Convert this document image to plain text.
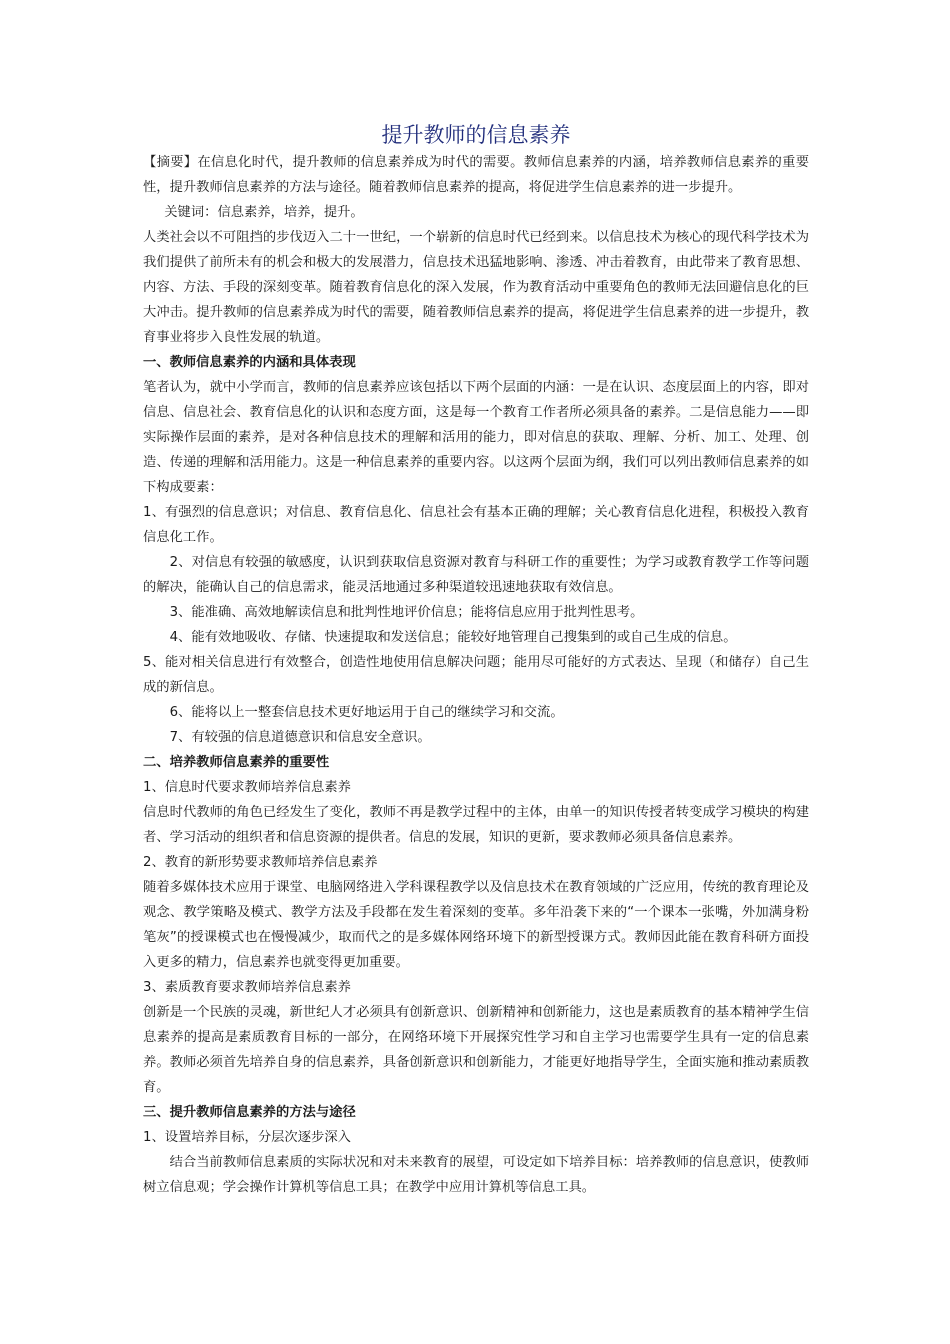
提升教师的信息素养

【摘要】在信息化时代，提升教师的信息素养成为时代的需要。教师信息素养的内涵，培养教师信息素养的重要性，提升教师信息素养的方法与途径。随着教师信息素养的提高，将促进学生信息素养的进一步提升。

关键词：信息素养，培养，提升。

人类社会以不可阻挡的步伐迈入二十一世纪，一个崭新的信息时代已经到来。以信息技术为核心的现代科学技术为我们提供了前所未有的机会和极大的发展潜力，信息技术迅猛地影响、渗透、冲击着教育，由此带来了教育思想、内容、方法、手段的深刻变革。随着教育信息化的深入发展，作为教育活动中重要角色的教师无法回避信息化的巨大冲击。提升教师的信息素养成为时代的需要，随着教师信息素养的提高，将促进学生信息素养的进一步提升，教育事业将步入良性发展的轨道。

一、教师信息素养的内涵和具体表现

笔者认为，就中小学而言，教师的信息素养应该包括以下两个层面的内涵：一是在认识、态度层面上的内容，即对信息、信息社会、教育信息化的认识和态度方面，这是每一个教育工作者所必须具备的素养。二是信息能力——即实际操作层面的素养，是对各种信息技术的理解和活用的能力，即对信息的获取、理解、分析、加工、处理、创造、传递的理解和活用能力。这是一种信息素养的重要内容。以这两个层面为纲，我们可以列出教师信息素养的如下构成要素：

1、有强烈的信息意识；对信息、教育信息化、信息社会有基本正确的理解；关心教育信息化进程，积极投入教育信息化工作。

2、对信息有较强的敏感度，认识到获取信息资源对教育与科研工作的重要性；为学习或教育教学工作等问题的解决，能确认自己的信息需求，能灵活地通过多种渠道较迅速地获取有效信息。

3、能准确、高效地解读信息和批判性地评价信息；能将信息应用于批判性思考。

4、能有效地吸收、存储、快速提取和发送信息；能较好地管理自己搜集到的或自己生成的信息。

5、能对相关信息进行有效整合，创造性地使用信息解决问题；能用尽可能好的方式表达、呈现（和储存）自己生成的新信息。

6、能将以上一整套信息技术更好地运用于自己的继续学习和交流。

7、有较强的信息道德意识和信息安全意识。

二、培养教师信息素养的重要性

1、信息时代要求教师培养信息素养

信息时代教师的角色已经发生了变化，教师不再是教学过程中的主体，由单一的知识传授者转变成学习模块的构建者、学习活动的组织者和信息资源的提供者。信息的发展，知识的更新，要求教师必须具备信息素养。

2、教育的新形势要求教师培养信息素养

随着多媒体技术应用于课堂、电脑网络进入学科课程教学以及信息技术在教育领域的广泛应用，传统的教育理论及观念、教学策略及模式、教学方法及手段都在发生着深刻的变革。多年沿袭下来的“一个课本一张嘴，外加满身粉笔灰”的授课模式也在慢慢减少，取而代之的是多媒体网络环境下的新型授课方式。教师因此能在教育科研方面投入更多的精力，信息素养也就变得更加重要。

3、素质教育要求教师培养信息素养

创新是一个民族的灵魂，新世纪人才必须具有创新意识、创新精神和创新能力，这也是素质教育的基本精神学生信息素养的提高是素质教育目标的一部分，在网络环境下开展探究性学习和自主学习也需要学生具有一定的信息素养。教师必须首先培养自身的信息素养，具备创新意识和创新能力，才能更好地指导学生，全面实施和推动素质教育。

三、提升教师信息素养的方法与途径

1、设置培养目标，分层次逐步深入

结合当前教师信息素质的实际状况和对未来教育的展望，可设定如下培养目标：培养教师的信息意识，使教师树立信息观；学会操作计算机等信息工具；在教学中应用计算机等信息工具。
